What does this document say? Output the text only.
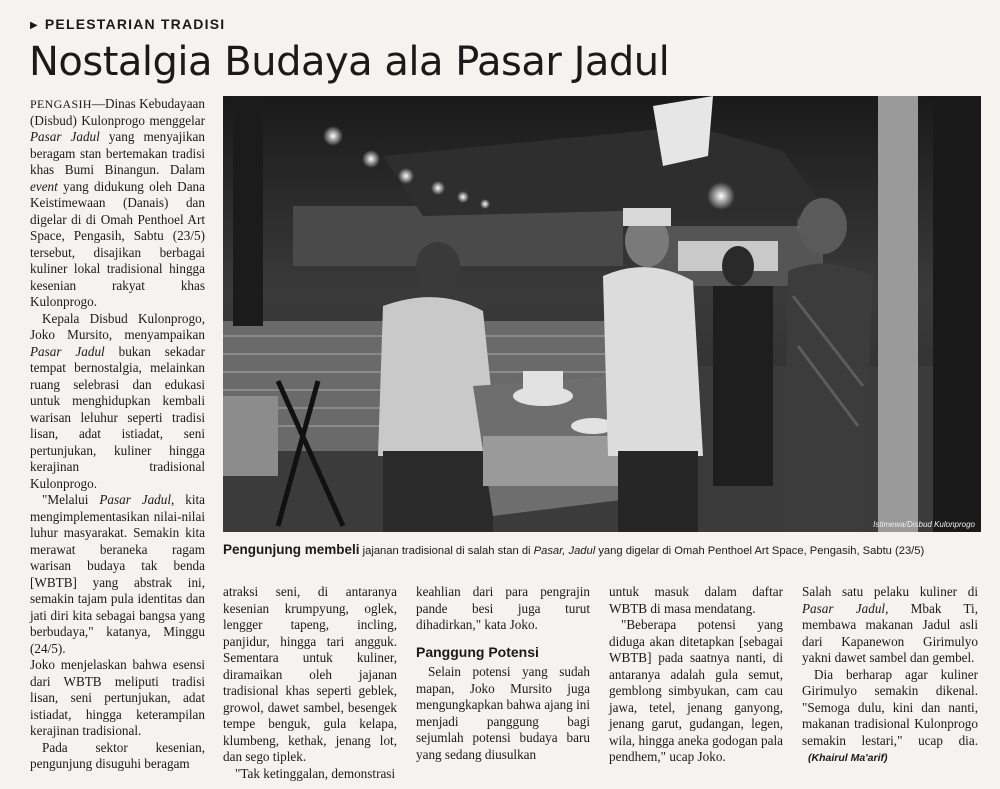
▶ PELESTARIAN TRADISI
Nostalgia Budaya ala Pasar Jadul

PENGASIH—Dinas Kebudayaan (Disbud) Kulonprogo menggelar Pasar Jadul yang menyajikan beragam stan bertemakan tradisi khas Bumi Binangun. Dalam event yang didukung oleh Dana Keistimewaan (Danais) dan digelar di di Omah Penthoel Art Space, Pengasih, Sabtu (23/5) tersebut, disajikan berbagai kuliner lokal tradisional hingga kesenian rakyat khas Kulonprogo.

Kepala Disbud Kulonprogo, Joko Mursito, menyampaikan Pasar Jadul bukan sekadar tempat bernostalgia, melainkan ruang selebrasi dan edukasi untuk menghidupkan kembali warisan leluhur seperti tradisi lisan, adat istiadat, seni pertunjukan, kuliner hingga kerajinan tradisional Kulonprogo.

"Melalui Pasar Jadul, kita mengimplementasikan nilai-nilai luhur masyarakat. Semakin kita merawat beraneka ragam warisan budaya tak benda [WBTB] yang abstrak ini, semakin tajam pula identitas dan jati diri kita sebagai bangsa yang berbudaya," katanya, Minggu (24/5).

Joko menjelaskan bahwa esensi dari WBTB meliputi tradisi lisan, seni pertunjukan, adat istiadat, hingga keterampilan kerajinan tradisional.

Pada sektor kesenian, pengunjung disuguhi beragam

Istimewa/Disbud Kulonprogo
Pengunjung membeli jajanan tradisional di salah stan di Pasar, Jadul yang digelar di Omah Penthoel Art Space, Pengasih, Sabtu (23/5)

atraksi seni, di antaranya kesenian krumpyung, oglek, lengger tapeng, incling, panjidur, hingga tari angguk. Sementara untuk kuliner, diramaikan oleh jajanan tradisional khas seperti geblek, growol, dawet sambel, besengek tempe benguk, gula kelapa, klumbeng, kethak, jenang lot, dan sego tiplek.

"Tak ketinggalan, demonstrasi

keahlian dari para pengrajin pande besi juga turut dihadirkan," kata Joko.

Panggung Potensi

Selain potensi yang sudah mapan, Joko Mursito juga mengungkapkan bahwa ajang ini menjadi panggung bagi sejumlah potensi budaya baru yang sedang diusulkan

untuk masuk dalam daftar WBTB di masa mendatang.

"Beberapa potensi yang diduga akan ditetapkan [sebagai WBTB] pada saatnya nanti, di antaranya adalah gula semut, gemblong simbyukan, cam cau jawa, tetel, jenang ganyong, jenang garut, gudangan, legen, wila, hingga aneka godogan pala pendhem," ucap Joko.

Salah satu pelaku kuliner di Pasar Jadul, Mbak Ti, membawa makanan Jadul asli dari Kapanewon Girimulyo yakni dawet sambel dan gembel.

Dia berharap agar kuliner Girimulyo semakin dikenal. "Semoga dulu, kini dan nanti, makanan tradisional Kulonprogo semakin lestari," ucap dia.(Khairul Ma'arif)
